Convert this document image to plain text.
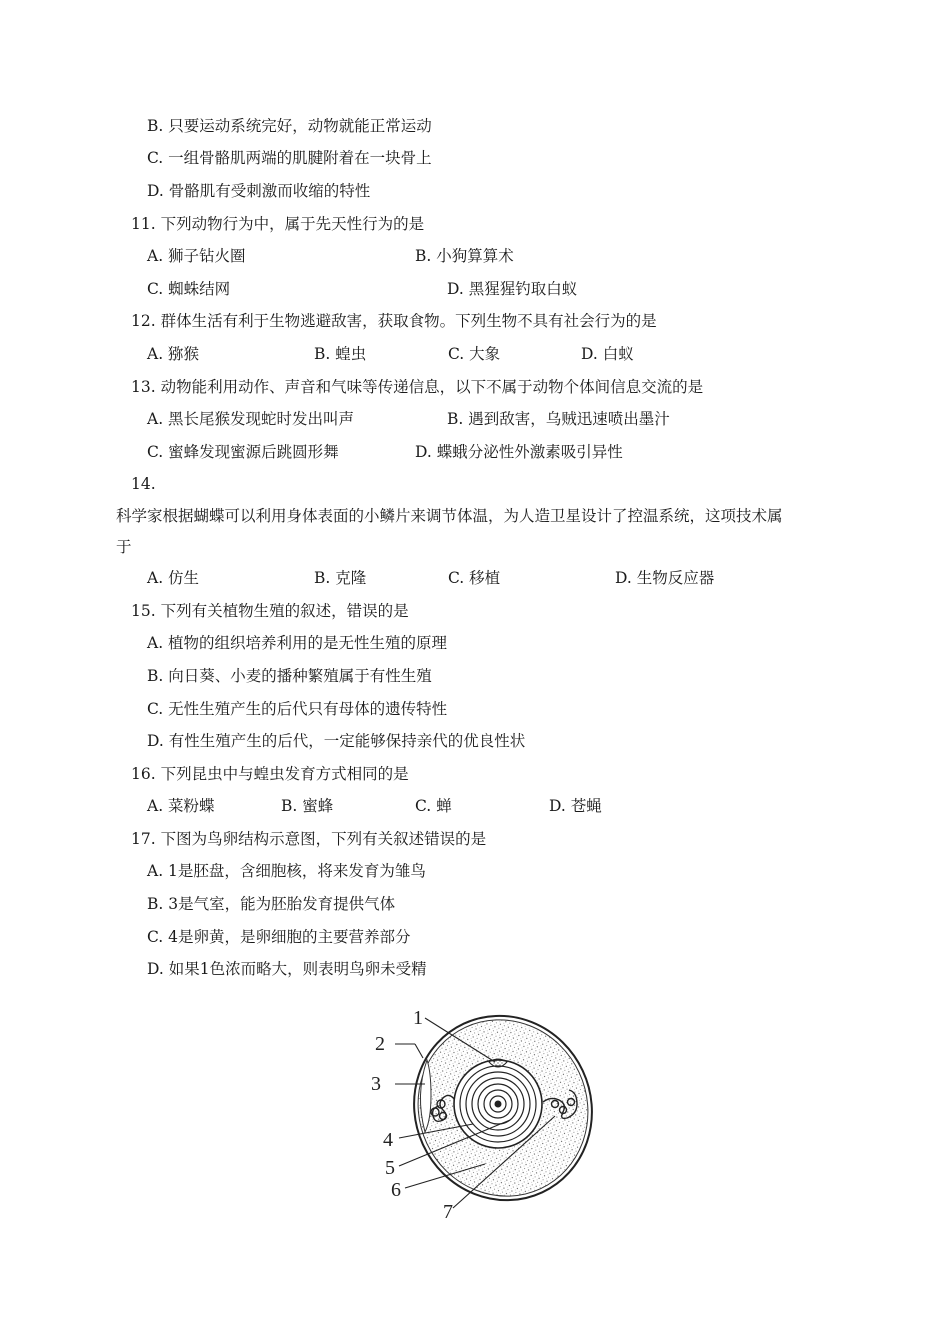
B. 只要运动系统完好，动物就能正常运动
C. 一组骨骼肌两端的肌腱附着在一块骨上
D. 骨骼肌有受刺激而收缩的特性
11. 下列动物行为中，属于先天性行为的是
A. 狮子钻火圈	B. 小狗算算术
C. 蜘蛛结网	D. 黑猩猩钓取白蚁
12. 群体生活有利于生物逃避敌害，获取食物。下列生物不具有社会行为的是
A. 猕猴	B. 蝗虫	C. 大象	D. 白蚁
13. 动物能利用动作、声音和气味等传递信息，以下不属于动物个体间信息交流的是
A. 黑长尾猴发现蛇时发出叫声	B. 遇到敌害，乌贼迅速喷出墨汁
C. 蜜蜂发现蜜源后跳圆形舞	D. 蝶蛾分泌性外激素吸引异性
14.
科学家根据蝴蝶可以利用身体表面的小鳞片来调节体温，为人造卫星设计了控温系统，这项技术属
于
A. 仿生	B. 克隆	C. 移植	D. 生物反应器
15. 下列有关植物生殖的叙述，错误的是
A. 植物的组织培养利用的是无性生殖的原理
B. 向日葵、小麦的播种繁殖属于有性生殖
C. 无性生殖产生的后代只有母体的遗传特性
D. 有性生殖产生的后代，一定能够保持亲代的优良性状
16. 下列昆虫中与蝗虫发育方式相同的是
A. 菜粉蝶	B. 蜜蜂	C. 蝉	D. 苍蝇
17. 下图为鸟卵结构示意图，下列有关叙述错误的是
A. 1是胚盘，含细胞核，将来发育为雏鸟
B. 3是气室，能为胚胎发育提供气体
C. 4是卵黄，是卵细胞的主要营养部分
D. 如果1色浓而略大，则表明鸟卵未受精
1
2
3
4
5
6
7
